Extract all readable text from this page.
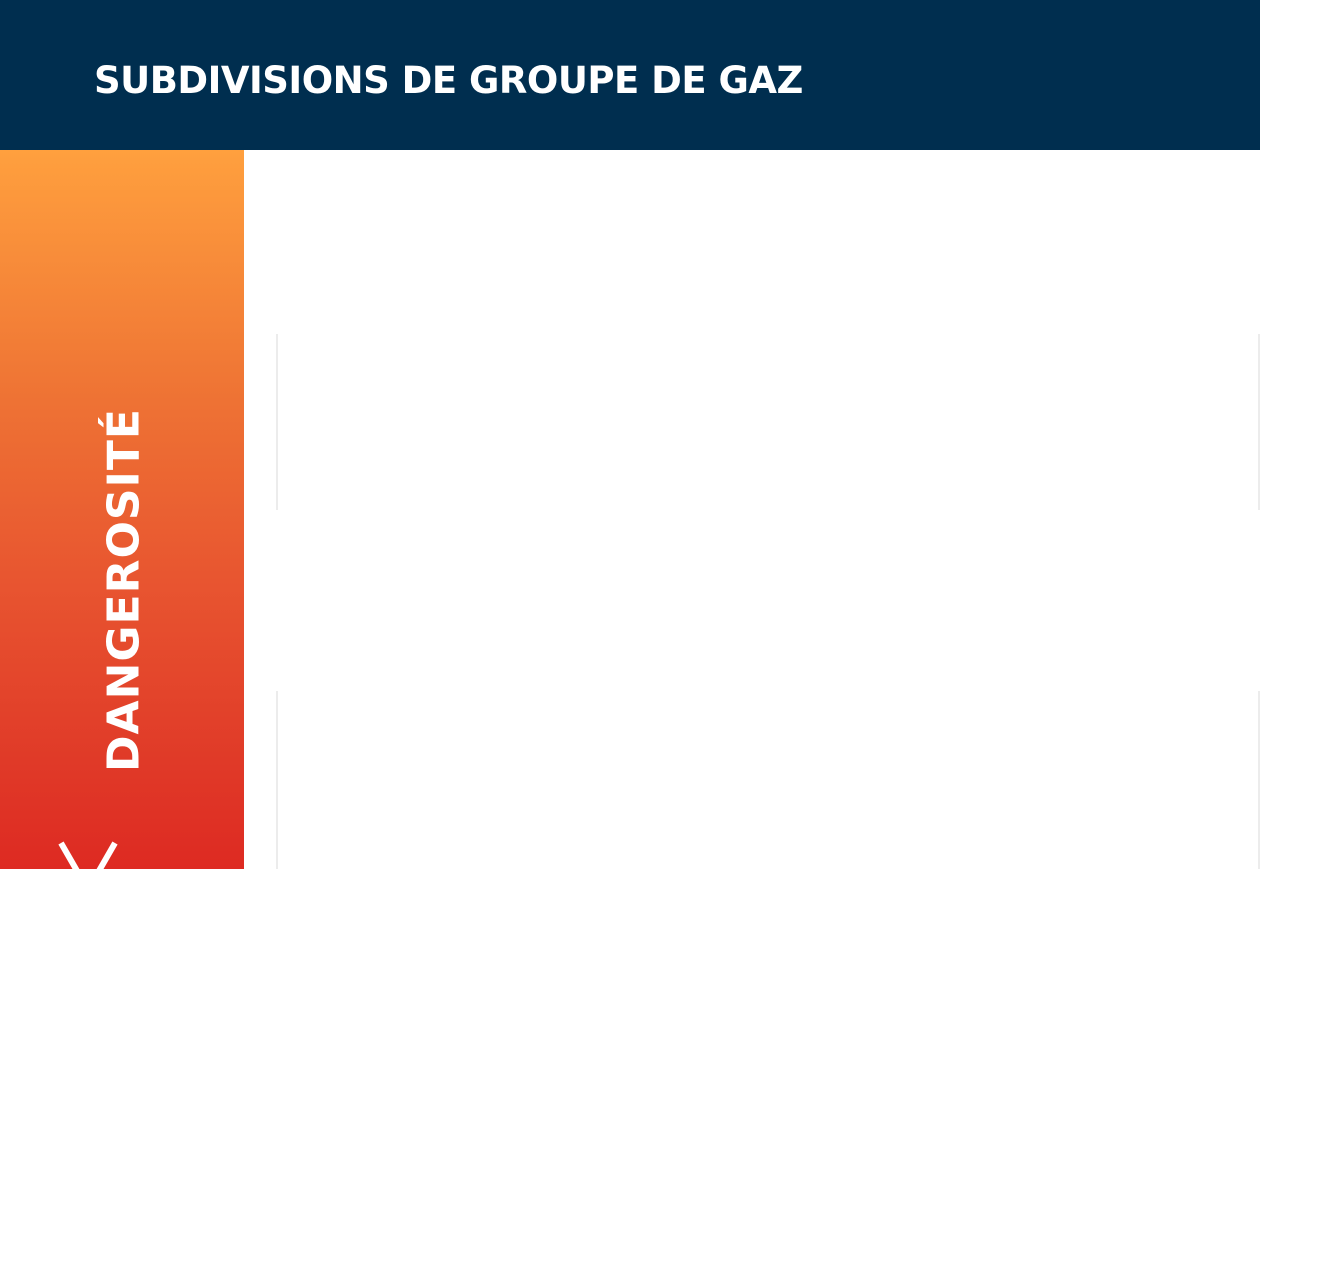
SUBDIVISIONS DE GROUPE DE GAZ
DANGEROSITÉ
